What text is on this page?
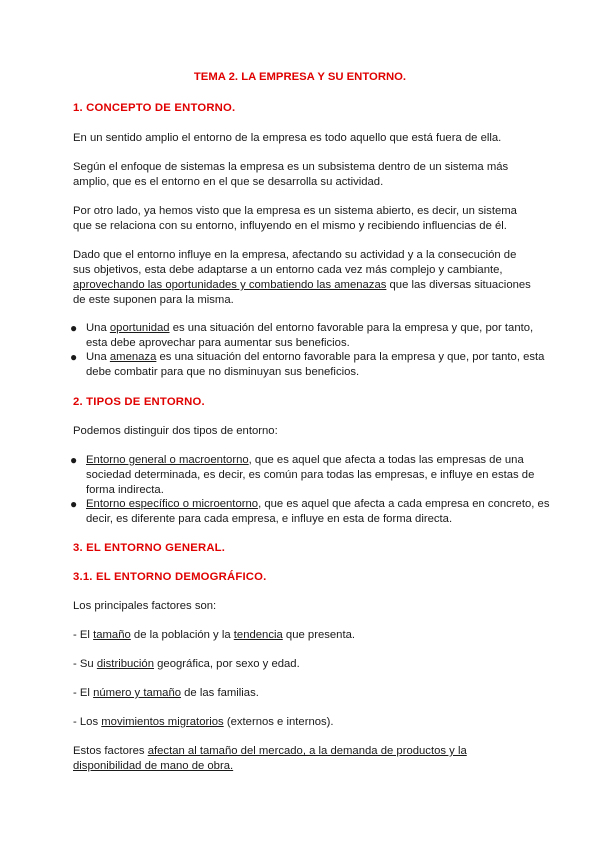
TEMA 2. LA EMPRESA Y SU ENTORNO.

1. CONCEPTO DE ENTORNO.

En un sentido amplio el entorno de la empresa es todo aquello que está fuera de ella.

Según el enfoque de sistemas la empresa es un subsistema dentro de un sistema más amplio, que es el entorno en el que se desarrolla su actividad.

Por otro lado, ya hemos visto que la empresa es un sistema abierto, es decir, un sistema que se relaciona con su entorno, influyendo en el mismo y recibiendo influencias de él.

Dado que el entorno influye en la empresa, afectando su actividad y a la consecución de sus objetivos, esta debe adaptarse a un entorno cada vez más complejo y cambiante, aprovechando las oportunidades y combatiendo las amenazas que las diversas situaciones de este suponen para la misma.

● Una oportunidad es una situación del entorno favorable para la empresa y que, por tanto, esta debe aprovechar para aumentar sus beneficios.
● Una amenaza es una situación del entorno favorable para la empresa y que, por tanto, esta debe combatir para que no disminuyan sus beneficios.

2. TIPOS DE ENTORNO.

Podemos distinguir dos tipos de entorno:

● Entorno general o macroentorno, que es aquel que afecta a todas las empresas de una sociedad determinada, es decir, es común para todas las empresas, e influye en estas de forma indirecta.
● Entorno específico o microentorno, que es aquel que afecta a cada empresa en concreto, es decir, es diferente para cada empresa, e influye en esta de forma directa.

3. EL ENTORNO GENERAL.

3.1. EL ENTORNO DEMOGRÁFICO.

Los principales factores son:

- El tamaño de la población y la tendencia que presenta.

- Su distribución geográfica, por sexo y edad.

- El número y tamaño de las familias.

- Los movimientos migratorios (externos e internos).

Estos factores afectan al tamaño del mercado, a la demanda de productos y la disponibilidad de mano de obra.
